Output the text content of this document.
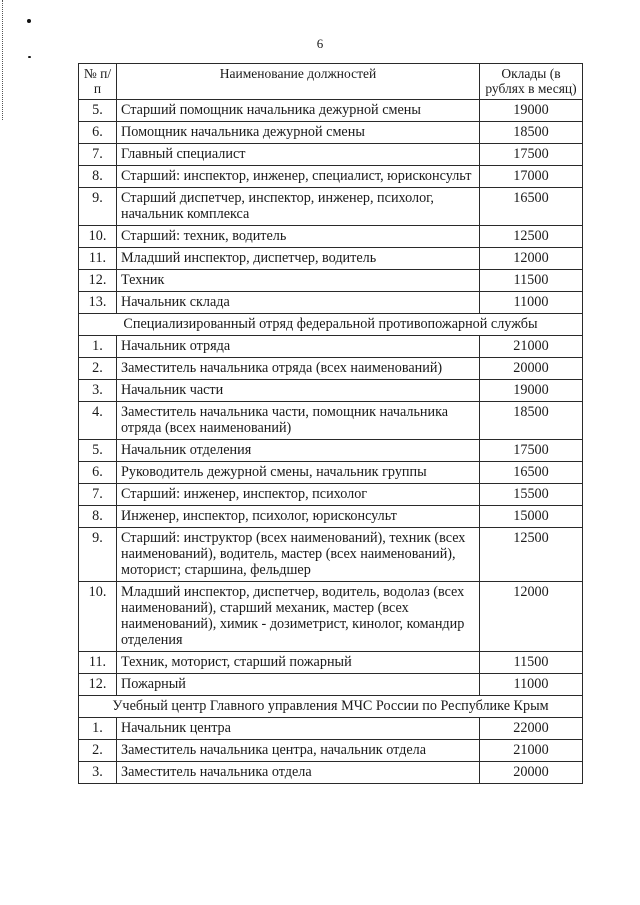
6
№ п/п	Наименование должностей	Оклады (в рублях в месяц)
5.	Старший помощник начальника дежурной смены	19000
6.	Помощник начальника дежурной смены	18500
7.	Главный специалист	17500
8.	Старший: инспектор, инженер, специалист, юрисконсульт	17000
9.	Старший диспетчер, инспектор, инженер, психолог, начальник комплекса	16500
10.	Старший: техник, водитель	12500
11.	Младший инспектор, диспетчер, водитель	12000
12.	Техник	11500
13.	Начальник склада	11000
Специализированный отряд федеральной противопожарной службы		
1.	Начальник отряда	21000
2.	Заместитель начальника отряда (всех наименований)	20000
3.	Начальник части	19000
4.	Заместитель начальника части, помощник начальника отряда (всех наименований)	18500
5.	Начальник отделения	17500
6.	Руководитель дежурной смены, начальник группы	16500
7.	Старший: инженер, инспектор, психолог	15500
8.	Инженер, инспектор, психолог, юрисконсульт	15000
9.	Старший: инструктор (всех наименований), техник (всех наименований), водитель, мастер (всех наименований), моторист; старшина, фельдшер	12500
10.	Младший инспектор, диспетчер, водитель, водолаз (всех наименований), старший механик, мастер (всех наименований), химик - дозиметрист, кинолог, командир отделения	12000
11.	Техник, моторист, старший пожарный	11500
12.	Пожарный	11000
Учебный центр Главного управления МЧС России по Республике Крым		
1.	Начальник центра	22000
2.	Заместитель начальника центра, начальник отдела	21000
3.	Заместитель начальника отдела	20000
